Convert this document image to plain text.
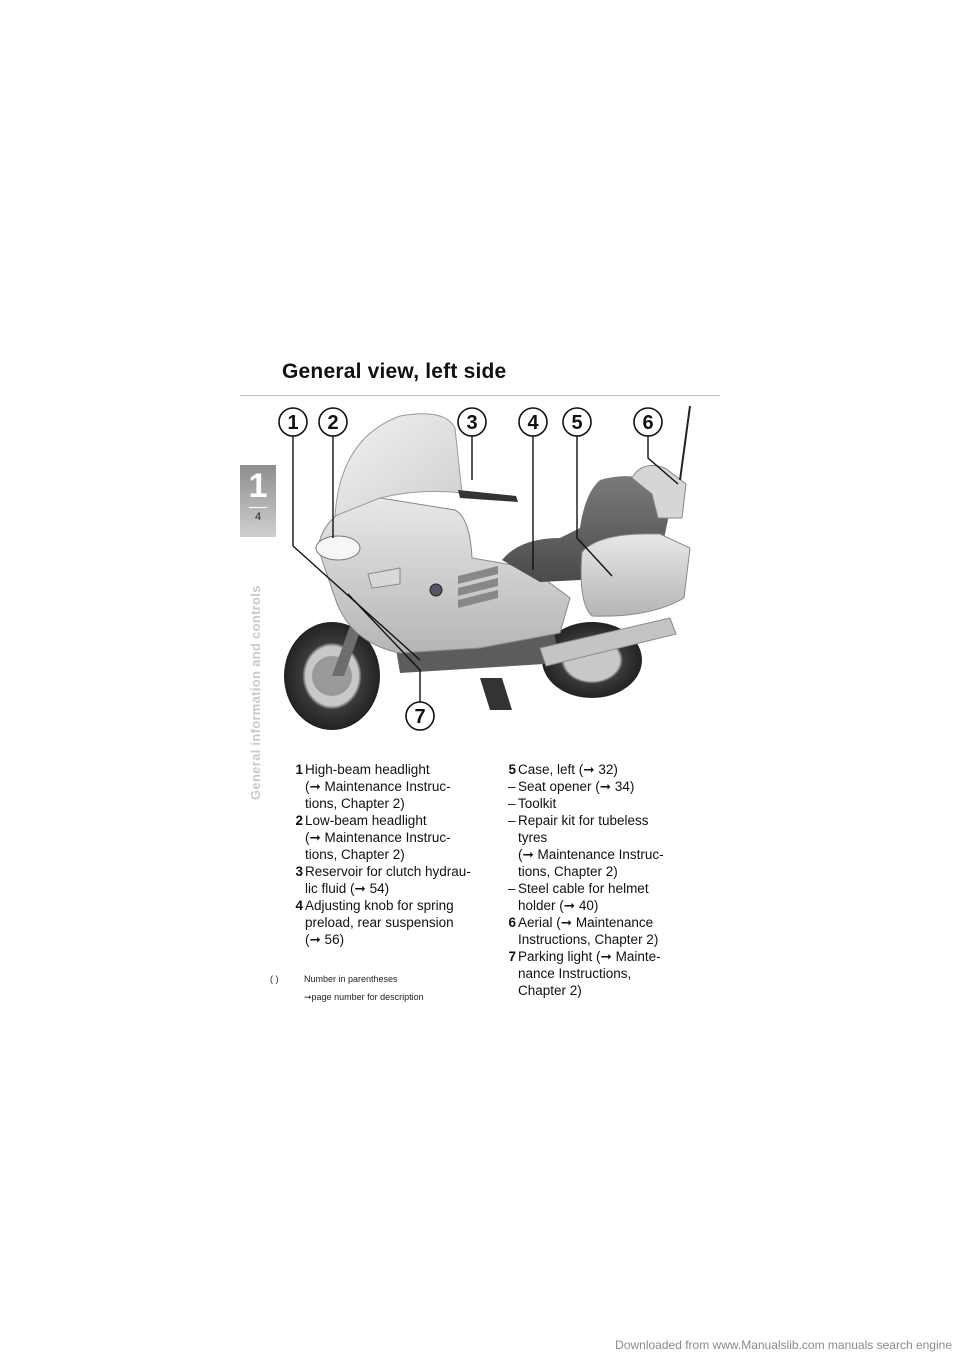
General view, left side
1
4
General information and controls
1 2	3 4 5	6
7
1 High-beam headlight
(➞ Maintenance Instruc-
tions, Chapter 2)
2 Low-beam headlight
(➞ Maintenance Instruc-
tions, Chapter 2)
3 Reservoir for clutch hydrau-
lic fluid (➞ 54)
4 Adjusting knob for spring
preload, rear suspension
(➞ 56)
( )	Number in parentheses
➞page number for description
5 Case, left (➞ 32)
– Seat opener (➞ 34)
– Toolkit
– Repair kit for tubeless
tyres
(➞ Maintenance Instruc-
tions, Chapter 2)
– Steel cable for helmet
holder (➞ 40)
6 Aerial (➞ Maintenance
Instructions, Chapter 2)
7 Parking light (➞ Mainte-
nance Instructions,
Chapter 2)
Downloaded from www.Manualslib.com manuals search engine
